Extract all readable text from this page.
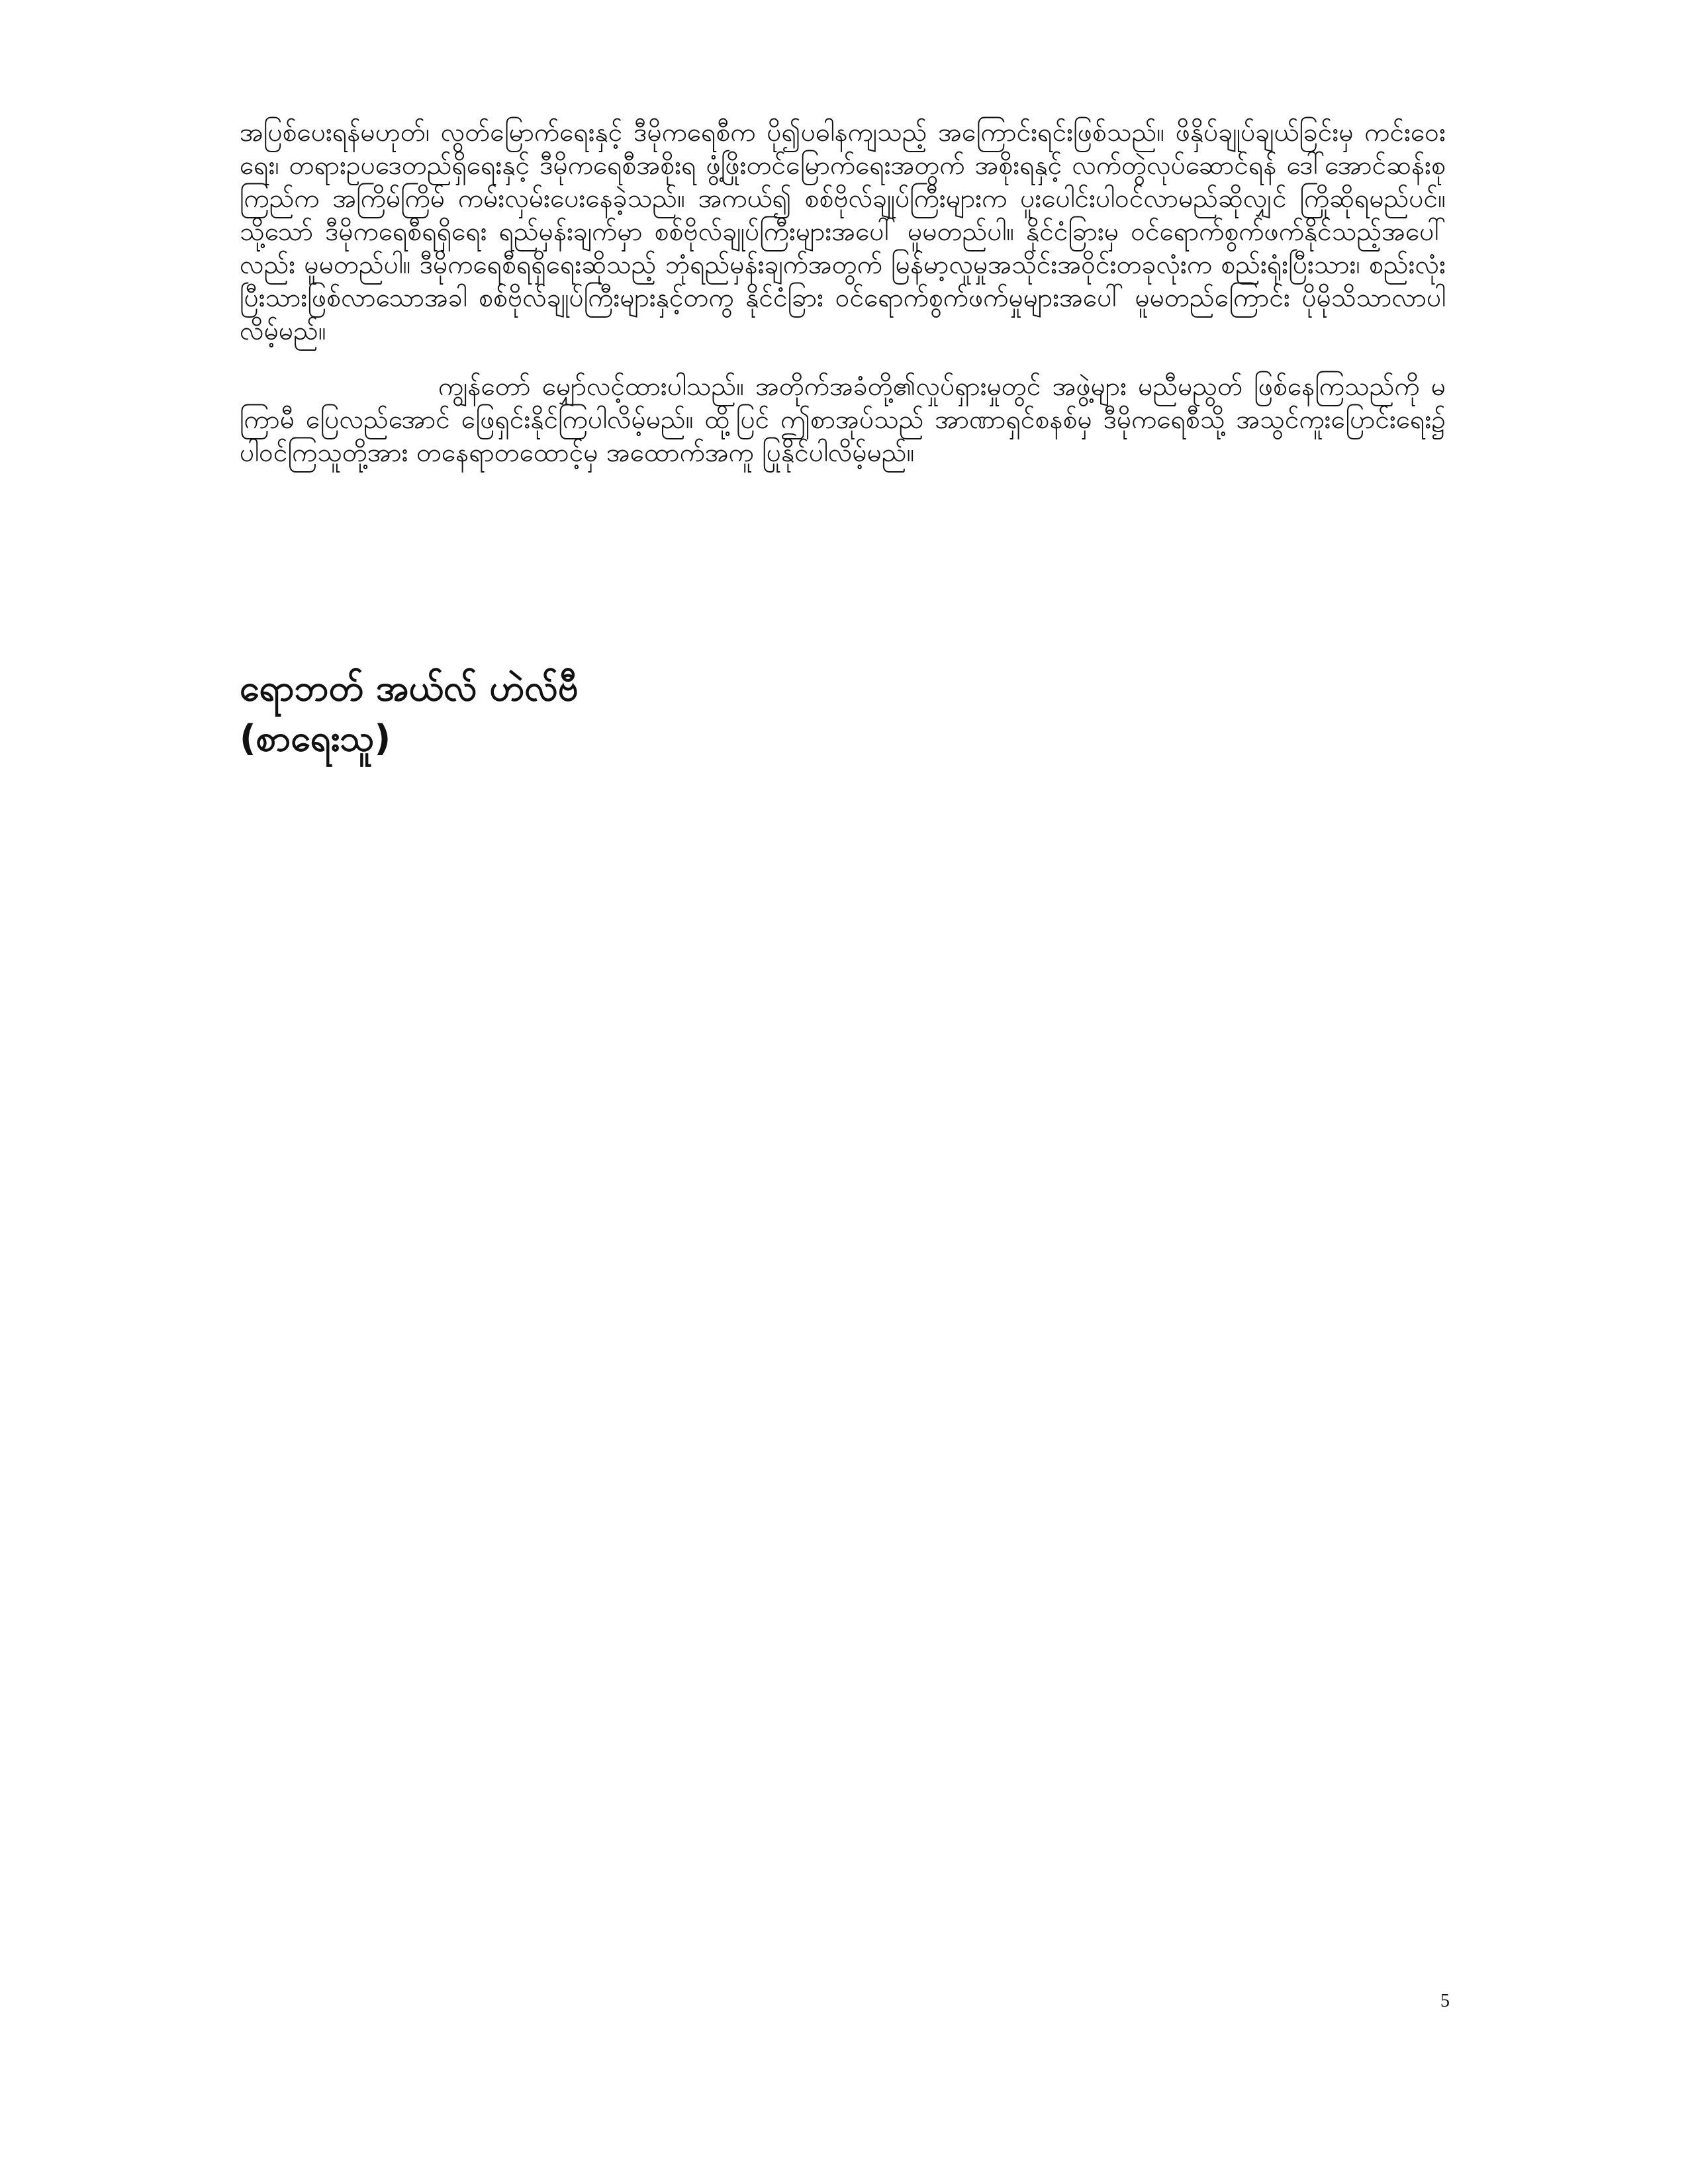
အပြစ်ပေးရန်မဟုတ်၊ လွတ်မြောက်ရေးနှင့် ဒီမိုကရေစီက ပို၍ပဓါနကျသည့် အကြောင်းရင်းဖြစ်သည်။ ဖိနှိပ်ချုပ်ချယ်ခြင်းမှ ကင်းဝေးရေး၊ တရားဥပဒေတည်ရှိရေးနှင့် ဒီမိုကရေစီအစိုးရ ဖွံ့ဖြိုးတင်မြောက်ရေးအတွက် အစိုးရနှင့် လက်တွဲလုပ်ဆောင်ရန် ဒေါ်အောင်ဆန်းစုကြည်က အကြိမ်ကြိမ် ကမ်းလှမ်းပေးနေခဲ့သည်။ အကယ်၍ စစ်ဗိုလ်ချုပ်ကြီးများက ပူးပေါင်းပါဝင်လာမည်ဆိုလျှင် ကြိုဆိုရမည်ပင်။ သို့သော် ဒီမိုကရေစီရရှိရေး ရည်မှန်းချက်မှာ စစ်ဗိုလ်ချုပ်ကြီးများအပေါ် မူမတည်ပါ။ နိုင်ငံခြားမှ ဝင်ရောက်စွက်ဖက်နိုင်သည့်အပေါ်လည်း မူမတည်ပါ။ ဒီမိုကရေစီရရှိရေးဆိုသည့် ဘုံရည်မှန်းချက်အတွက် မြန်မာ့လူမှုအသိုင်းအဝိုင်းတခုလုံးက စည်းရုံးပြီးသား၊ စည်းလုံးပြီးသားဖြစ်လာသောအခါ စစ်ဗိုလ်ချုပ်ကြီးများနှင့်တကွ နိုင်ငံခြား ဝင်ရောက်စွက်ဖက်မှုများအပေါ် မူမတည်ကြောင်း ပိုမိုသိသာလာပါလိမ့်မည်။

ကျွန်တော် မျှော်လင့်ထားပါသည်။ အတိုက်အခံတို့၏လှုပ်ရှားမှုတွင် အဖွဲ့များ မညီမညွတ် ဖြစ်နေကြသည်ကို မကြာမီ ပြေလည်အောင် ဖြေရှင်းနိုင်ကြပါလိမ့်မည်။ ထို့ပြင် ဤစာအုပ်သည် အာဏာရှင်စနစ်မှ ဒီမိုကရေစီသို့ အသွင်ကူးပြောင်းရေး၌ ပါဝင်ကြသူတို့အား တနေရာတထောင့်မှ အထောက်အကူ ပြုနိုင်ပါလိမ့်မည်။

ရောဘတ် အယ်လ် ဟဲလ်ဗီ

(စာရေးသူ)

5
